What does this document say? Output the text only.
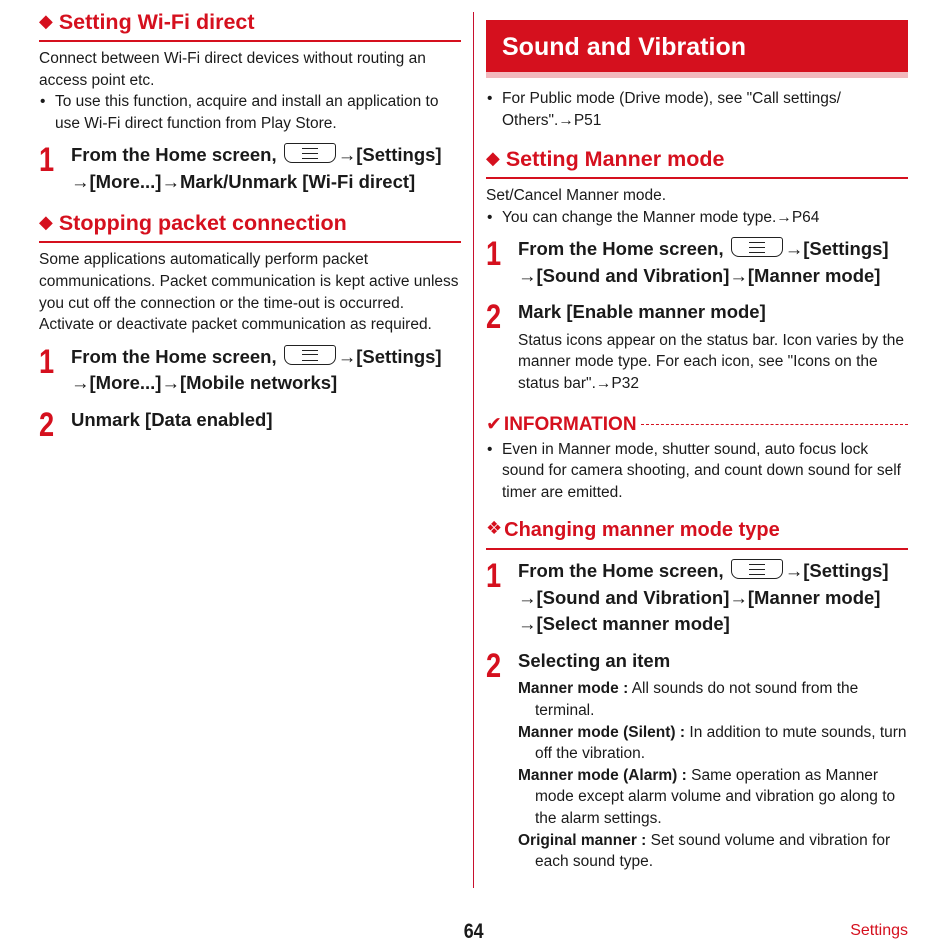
◆ Setting Wi-Fi direct

Connect between Wi-Fi direct devices without routing an access point etc.

• To use this function, acquire and install an application to use Wi-Fi direct function from Play Store.

1 From the Home screen,	→[Settings]
→[More...]→Mark/Unmark [Wi-Fi direct]

◆ Stopping packet connection

Some applications automatically perform packet communications. Packet communication is kept active unless you cut off the connection or the time-out is occurred. Activate or deactivate packet communication as required.

1 From the Home screen,	→[Settings]
→[More...]→[Mobile networks]

2 Unmark [Data enabled]

Sound and Vibration

• For Public mode (Drive mode), see "Call settings/ Others".→P51

◆ Setting Manner mode

Set/Cancel Manner mode.

• You can change the Manner mode type.→P64

1 From the Home screen,	→[Settings]
→[Sound and Vibration]→[Manner mode]

2 Mark [Enable manner mode]

Status icons appear on the status bar. Icon varies by the manner mode type. For each icon, see "Icons on the status bar".→P32

✔ INFORMATION

• Even in Manner mode, shutter sound, auto focus lock sound for camera shooting, and count down sound for self timer are emitted.

❖ Changing manner mode type
1 From the Home screen,	→[Settings]
→[Sound and Vibration]→[Manner mode]
→[Select manner mode]

2 Selecting an item

Manner mode : All sounds do not sound from the terminal.

Manner mode (Silent) : In addition to mute sounds, turn off the vibration.

Manner mode (Alarm) : Same operation as Manner mode except alarm volume and vibration go along to the alarm settings.

Original manner : Set sound volume and vibration for each sound type.

64	Settings
